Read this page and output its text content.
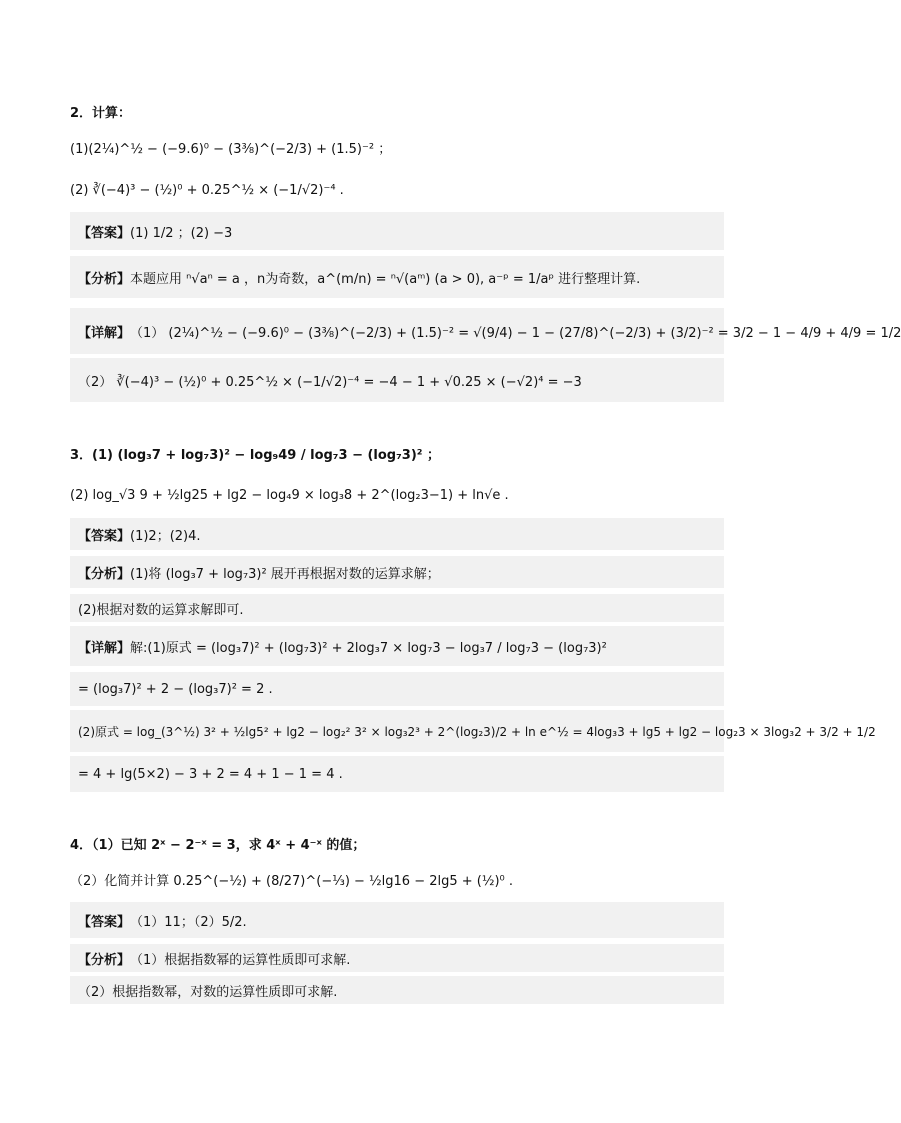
2．计算：
(1)(2¼)^½ − (−9.6)⁰ − (3⅜)^(−2/3) + (1.5)⁻² ；
(2) ∛(−4)³ − (½)⁰ + 0.25^½ × (−1/√2)⁻⁴ .
【答案】 (1) 1/2 ；(2) −3
【分析】 本题应用 ⁿ√aⁿ = a ，n为奇数，a^(m/n) = ⁿ√(aᵐ) (a > 0), a⁻ᵖ = 1/aᵖ 进行整理计算.
【详解】 （1） (2¼)^½ − (−9.6)⁰ − (3⅜)^(−2/3) + (1.5)⁻² = √(9/4) − 1 − (27/8)^(−2/3) + (3/2)⁻² = 3/2 − 1 − 4/9 + 4/9 = 1/2
（2） ∛(−4)³ − (½)⁰ + 0.25^½ × (−1/√2)⁻⁴ = −4 − 1 + √0.25 × (−√2)⁴ = −3
3．(1) (log₃7 + log₇3)² − log₉49 / log₇3 − (log₇3)² ；
(2) log_√3 9 + ½lg25 + lg2 − log₄9 × log₃8 + 2^(log₂3−1) + ln√e .
【答案】 (1)2；(2)4.
【分析】 (1)将 (log₃7 + log₇3)² 展开再根据对数的运算求解；
(2)根据对数的运算求解即可.
【详解】 解:(1)原式 = (log₃7)² + (log₇3)² + 2log₃7 × log₇3 − log₃7 / log₇3 − (log₇3)²
= (log₃7)² + 2 − (log₃7)² = 2 .
(2)原式 = log_(3^½) 3² + ½lg5² + lg2 − log₂² 3² × log₃2³ + 2^(log₂3)/2 + ln e^½ = 4log₃3 + lg5 + lg2 − log₂3 × 3log₃2 + 3/2 + 1/2
= 4 + lg(5×2) − 3 + 2 = 4 + 1 − 1 = 4 .
4．（1）已知 2ˣ − 2⁻ˣ = 3，求 4ˣ + 4⁻ˣ 的值；
（2）化简并计算 0.25^(−½) + (8/27)^(−⅓) − ½lg16 − 2lg5 + (½)⁰ .
【答案】 （1）11；（2）5/2.
【分析】 （1）根据指数幂的运算性质即可求解.
（2）根据指数幂，对数的运算性质即可求解.
